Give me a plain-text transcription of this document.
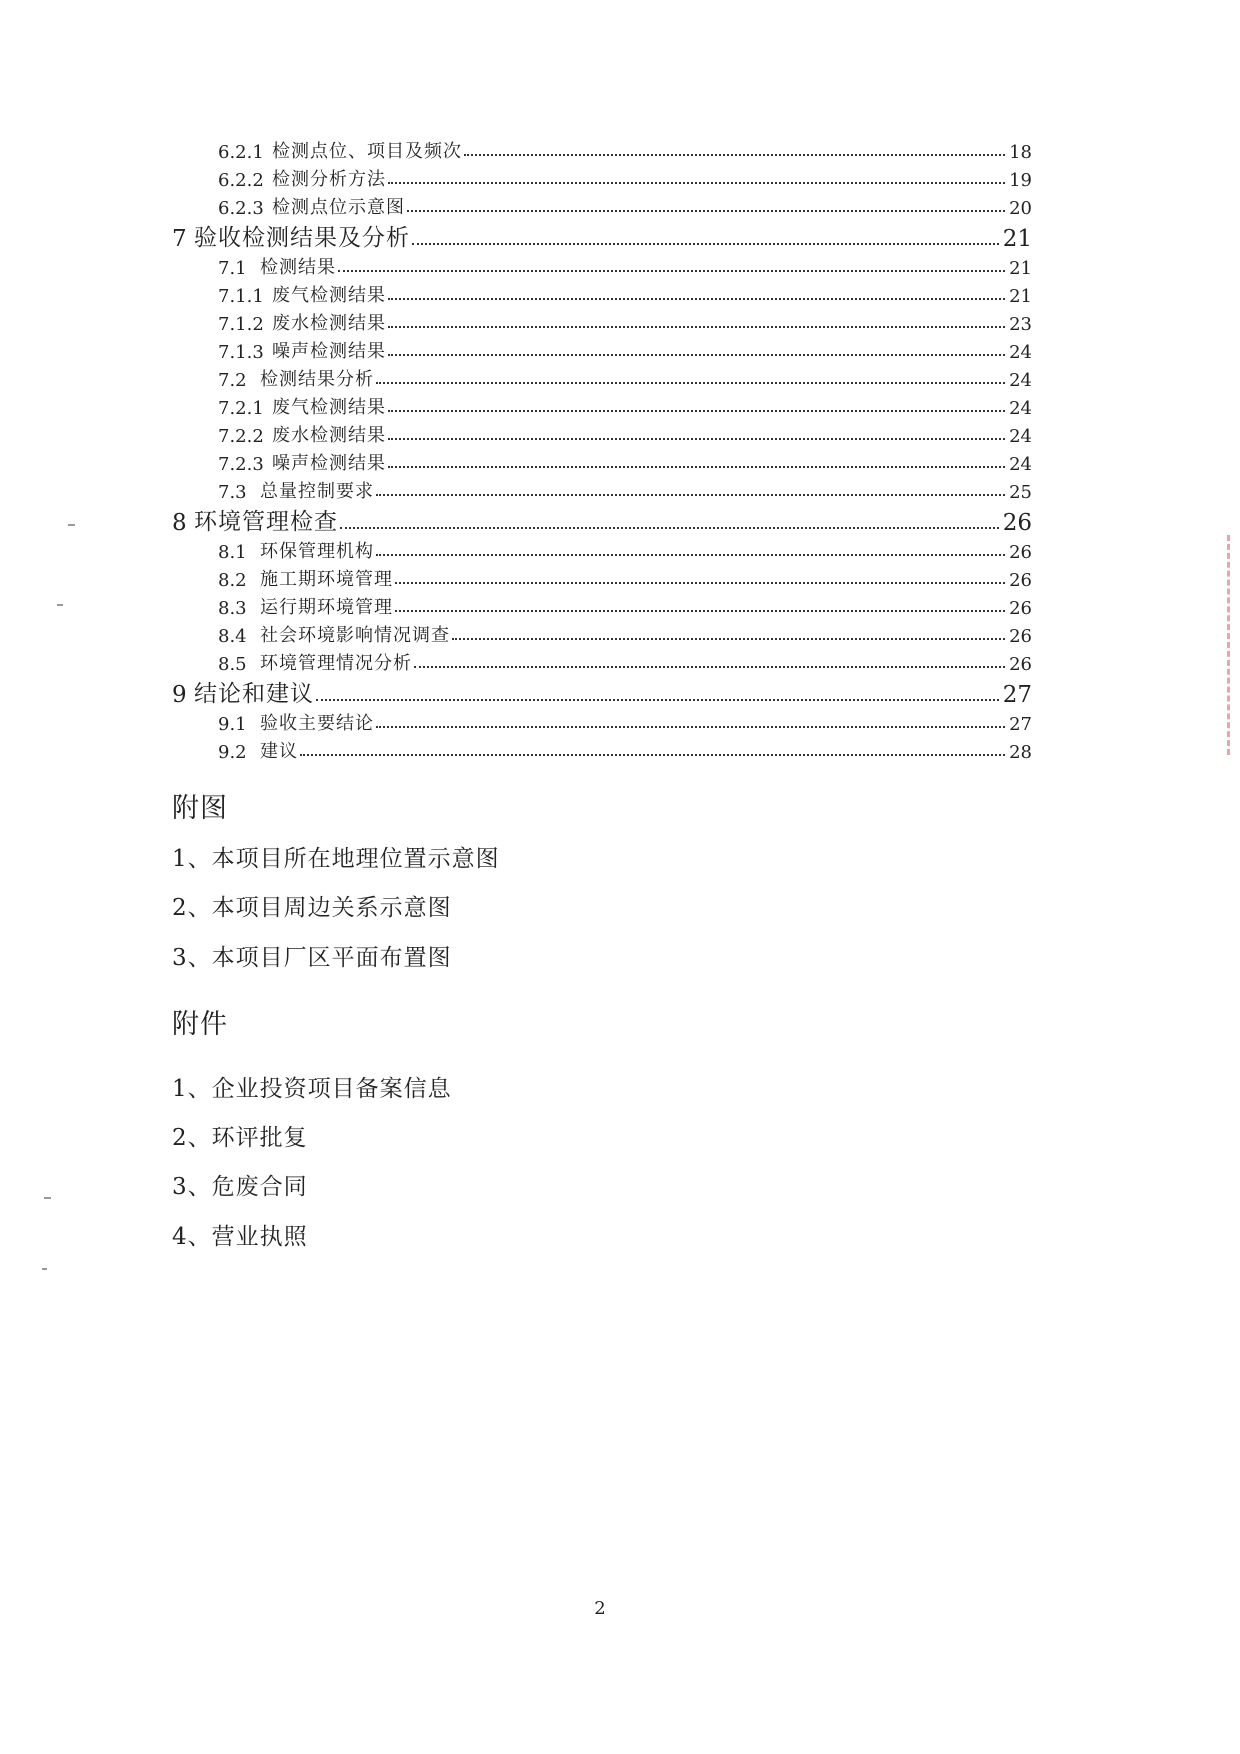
6.2.1 检测点位、项目及频次	18
6.2.2 检测分析方法	19
6.2.3 检测点位示意图	20
7 验收检测结果及分析	21
7.1 检测结果	21
7.1.1 废气检测结果	21
7.1.2 废水检测结果	23
7.1.3 噪声检测结果	24
7.2 检测结果分析	24
7.2.1 废气检测结果	24
7.2.2 废水检测结果	24
7.2.3 噪声检测结果	24
7.3 总量控制要求	25
8 环境管理检查	26
8.1 环保管理机构	26
8.2 施工期环境管理	26
8.3 运行期环境管理	26
8.4 社会环境影响情况调查	26
8.5 环境管理情况分析	26
9 结论和建议	27
9.1 验收主要结论	27
9.2 建议	28
附图
1、本项目所在地理位置示意图
2、本项目周边关系示意图
3、本项目厂区平面布置图
附件
1、企业投资项目备案信息
2、环评批复
3、危废合同
4、营业执照
2
